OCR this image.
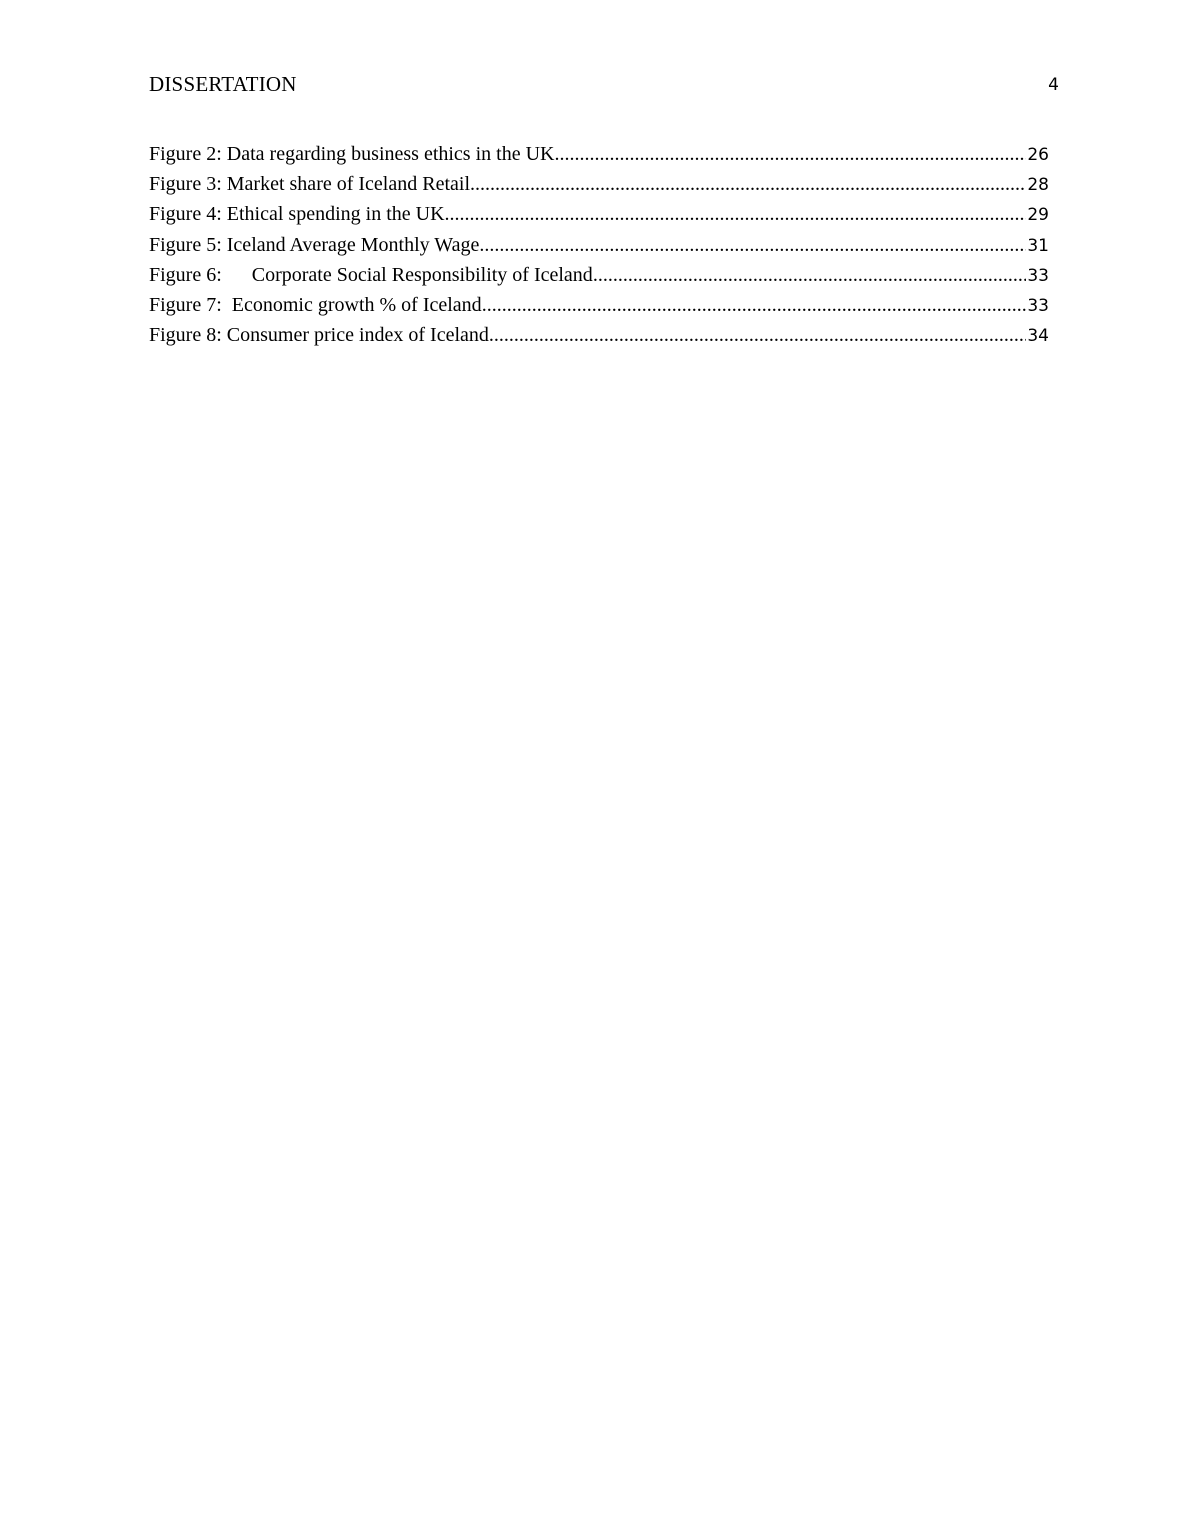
DISSERTATION	4
Figure 2: Data regarding business ethics in the UK .....	26
Figure 3: Market share of Iceland Retail .....	28
Figure 4: Ethical spending in the UK .....	29
Figure 5: Iceland Average Monthly Wage .....	31
Figure 6:      Corporate Social Responsibility of Iceland .....	33
Figure 7:  Economic growth % of Iceland .....	33
Figure 8: Consumer price index of Iceland .....	34
